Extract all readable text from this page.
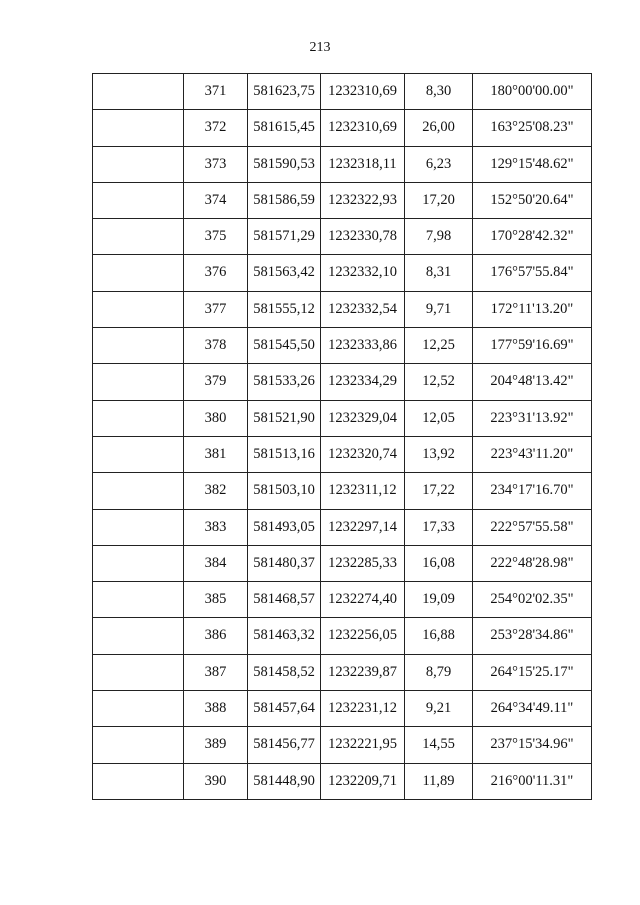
213
	371	581623,75	1232310,69	8,30	180°00'00.00"
	372	581615,45	1232310,69	26,00	163°25'08.23"
	373	581590,53	1232318,11	6,23	129°15'48.62"
	374	581586,59	1232322,93	17,20	152°50'20.64"
	375	581571,29	1232330,78	7,98	170°28'42.32"
	376	581563,42	1232332,10	8,31	176°57'55.84"
	377	581555,12	1232332,54	9,71	172°11'13.20"
	378	581545,50	1232333,86	12,25	177°59'16.69"
	379	581533,26	1232334,29	12,52	204°48'13.42"
	380	581521,90	1232329,04	12,05	223°31'13.92"
	381	581513,16	1232320,74	13,92	223°43'11.20"
	382	581503,10	1232311,12	17,22	234°17'16.70"
	383	581493,05	1232297,14	17,33	222°57'55.58"
	384	581480,37	1232285,33	16,08	222°48'28.98"
	385	581468,57	1232274,40	19,09	254°02'02.35"
	386	581463,32	1232256,05	16,88	253°28'34.86"
	387	581458,52	1232239,87	8,79	264°15'25.17"
	388	581457,64	1232231,12	9,21	264°34'49.11"
	389	581456,77	1232221,95	14,55	237°15'34.96"
	390	581448,90	1232209,71	11,89	216°00'11.31"
